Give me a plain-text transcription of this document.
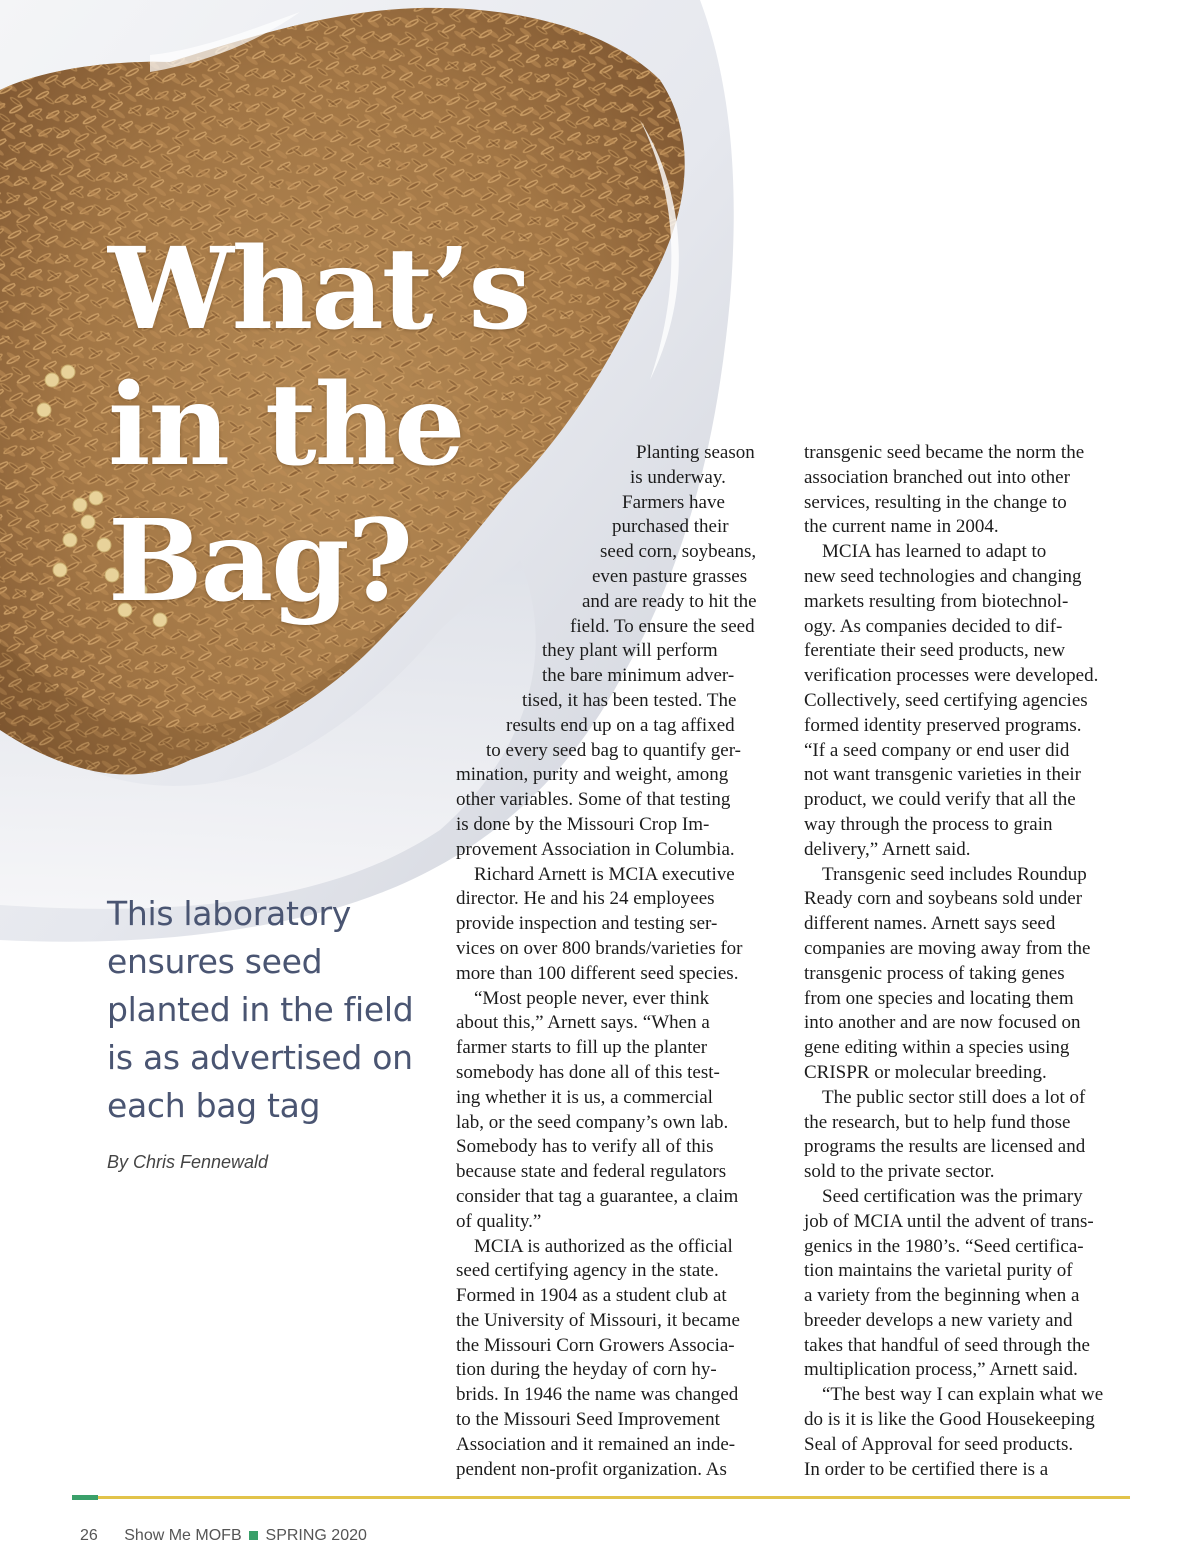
What’s
in the
Bag?
This laboratory
ensures seed
planted in the field
is as advertised on
each bag tag
By Chris Fennewald
Planting season
is underway.
Farmers have
purchased their
seed corn, soybeans,
even pasture grasses
and are ready to hit the
field. To ensure the seed
they plant will perform
the bare minimum adver-
tised, it has been tested. The
results end up on a tag affixed
to every seed bag to quantify ger-
mination, purity and weight, among
other variables. Some of that testing
is done by the Missouri Crop Im-
provement Association in Columbia.
Richard Arnett is MCIA executive
director. He and his 24 employees
provide inspection and testing ser-
vices on over 800 brands/varieties for
more than 100 different seed species.
“Most people never, ever think
about this,” Arnett says. “When a
farmer starts to fill up the planter
somebody has done all of this test-
ing whether it is us, a commercial
lab, or the seed company’s own lab.
Somebody has to verify all of this
because state and federal regulators
consider that tag a guarantee, a claim
of quality.”
MCIA is authorized as the official
seed certifying agency in the state.
Formed in 1904 as a student club at
the University of Missouri, it became
the Missouri Corn Growers Associa-
tion during the heyday of corn hy-
brids. In 1946 the name was changed
to the Missouri Seed Improvement
Association and it remained an inde-
pendent non-profit organization. As
transgenic seed became the norm the
association branched out into other
services, resulting in the change to
the current name in 2004.
MCIA has learned to adapt to
new seed technologies and changing
markets resulting from biotechnol-
ogy. As companies decided to dif-
ferentiate their seed products, new
verification processes were developed.
Collectively, seed certifying agencies
formed identity preserved programs.
“If a seed company or end user did
not want transgenic varieties in their
product, we could verify that all the
way through the process to grain
delivery,” Arnett said.
Transgenic seed includes Roundup
Ready corn and soybeans sold under
different names. Arnett says seed
companies are moving away from the
transgenic process of taking genes
from one species and locating them
into another and are now focused on
gene editing within a species using
CRISPR or molecular breeding.
The public sector still does a lot of
the research, but to help fund those
programs the results are licensed and
sold to the private sector.
Seed certification was the primary
job of MCIA until the advent of trans-
genics in the 1980’s. “Seed certifica-
tion maintains the varietal purity of
a variety from the beginning when a
breeder develops a new variety and
takes that handful of seed through the
multiplication process,” Arnett said.
“The best way I can explain what we
do is it is like the Good Housekeeping
Seal of Approval for seed products.
In order to be certified there is a
26 Show Me MOFB SPRING 2020
